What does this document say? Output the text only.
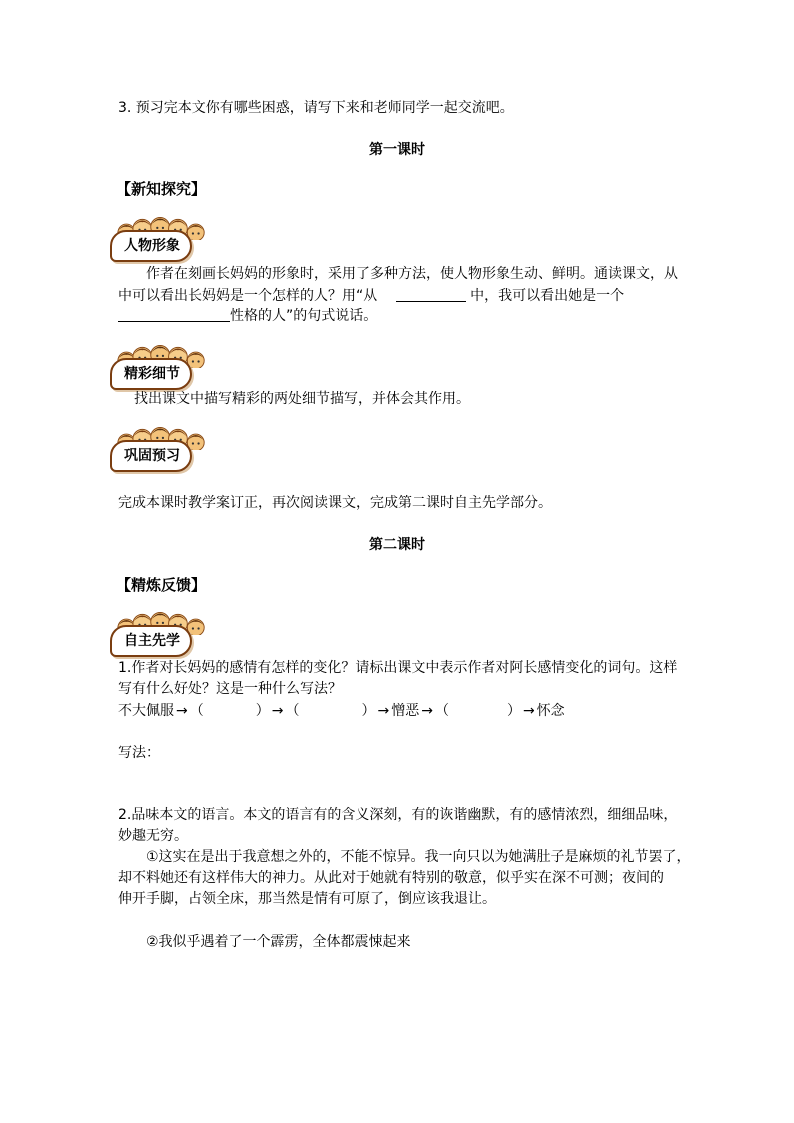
3. 预习完本文你有哪些困惑，请写下来和老师同学一起交流吧。
第一课时
【新知探究】
人物形象
作者在刻画长妈妈的形象时，采用了多种方法，使人物形象生动、鲜明。通读课文，从
中可以看出长妈妈是一个怎样的人？用“从	中，我可以看出她是一个
性格的人”的句式说话。
精彩细节
找出课文中描写精彩的两处细节描写，并体会其作用。
巩固预习
完成本课时教学案订正，再次阅读课文，完成第二课时自主先学部分。
第二课时
【精炼反馈】
自主先学
1.作者对长妈妈的感情有怎样的变化？请标出课文中表示作者对阿长感情变化的词句。这样
写有什么好处？这是一种什么写法？
不大佩服 → （	） → （	） → 憎恶 → （	） → 怀念
写法：
2.品味本文的语言。本文的语言有的含义深刻，有的诙谐幽默，有的感情浓烈，细细品味，
妙趣无穷。
①这实在是出于我意想之外的，不能不惊异。我一向只以为她满肚子是麻烦的礼节罢了，
却不料她还有这样伟大的神力。从此对于她就有特别的敬意，似乎实在深不可测；夜间的
伸开手脚，占领全床，那当然是情有可原了，倒应该我退让。
②我似乎遇着了一个霹雳，全体都震悚起来
